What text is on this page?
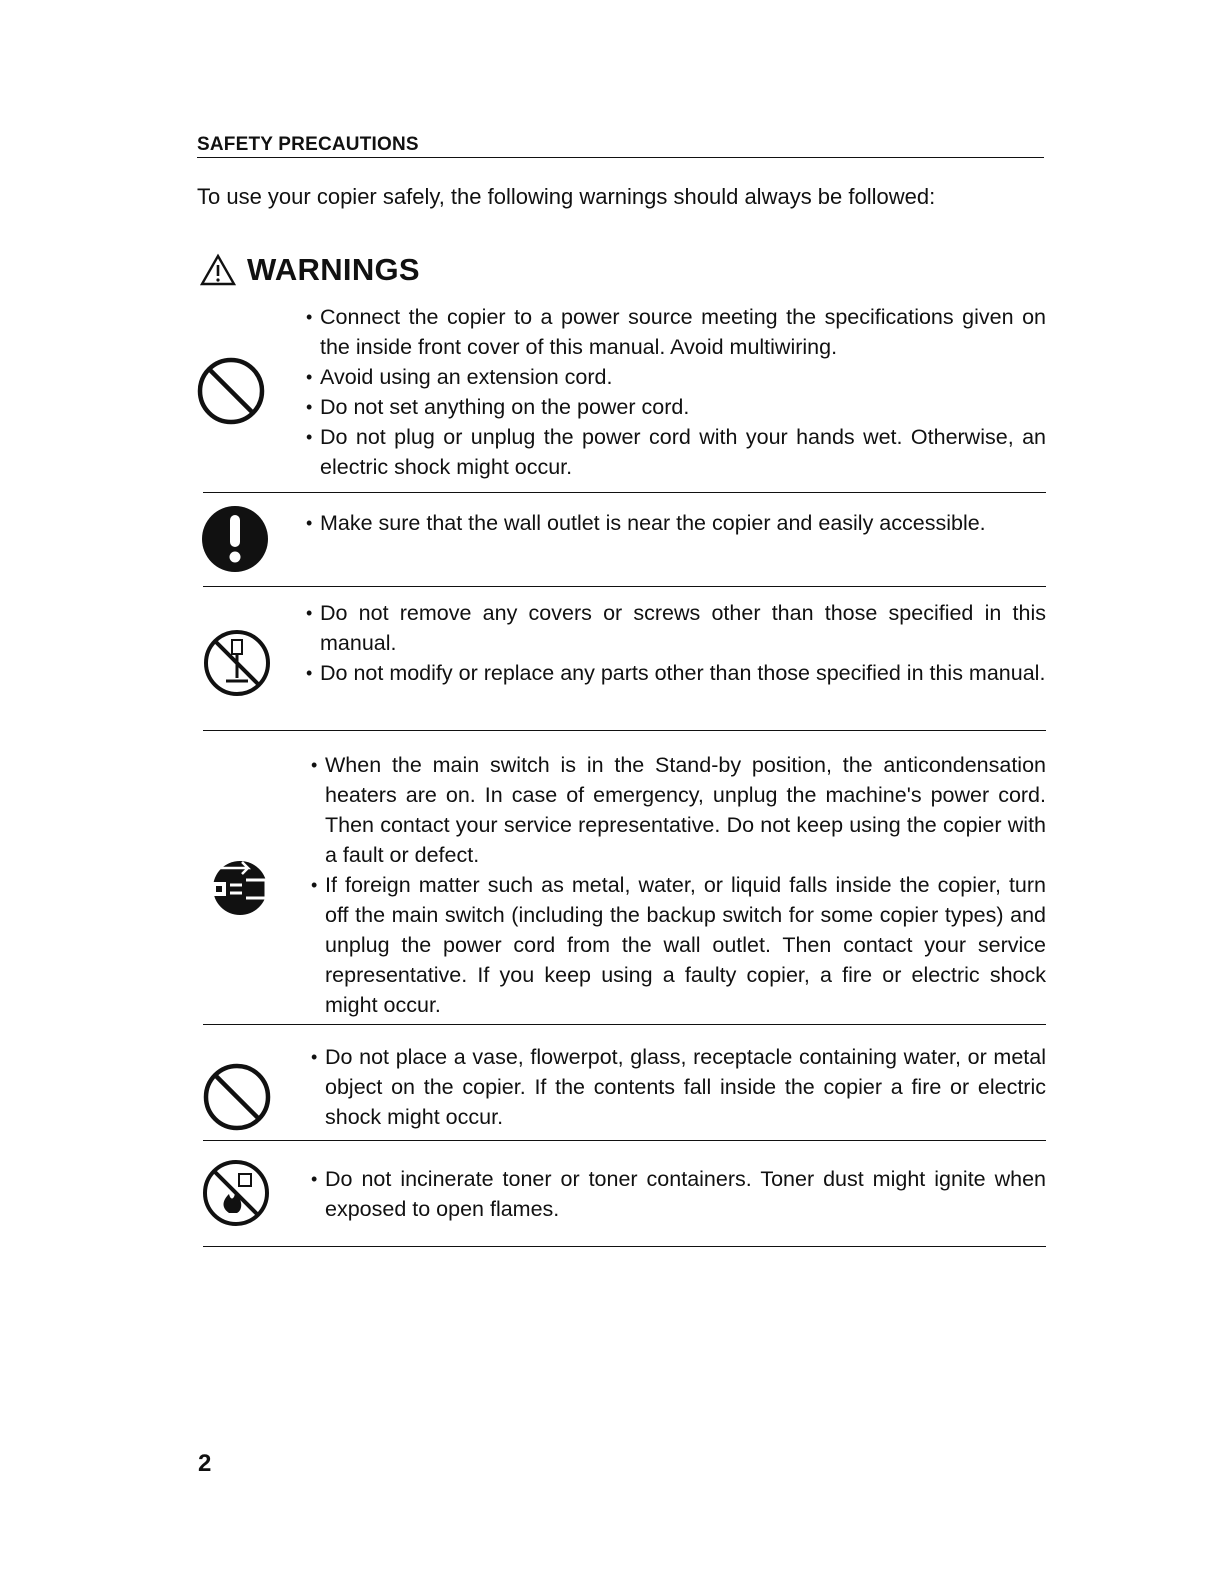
SAFETY PRECAUTIONS
To use your copier safely, the following warnings should always be followed:
WARNINGS
• Connect the copier to a power source meeting the specifications given on the inside front cover of this manual. Avoid multiwiring.
• Avoid using an extension cord.
• Do not set anything on the power cord.
• Do not plug or unplug the power cord with your hands wet. Otherwise, an electric shock might occur.
• Make sure that the wall outlet is near the copier and easily accessible.
• Do not remove any covers or screws other than those specified in this manual.
• Do not modify or replace any parts other than those specified in this manual.
• When the main switch is in the Stand-by position, the anticondensation heaters are on. In case of emergency, unplug the machine's power cord. Then contact your service representative. Do not keep using the copier with a fault or defect.
• If foreign matter such as metal, water, or liquid falls inside the copier, turn off the main switch (including the backup switch for some copier types) and unplug the power cord from the wall outlet. Then contact your service representative. If you keep using a faulty copier, a fire or electric shock might occur.
• Do not place a vase, flowerpot, glass, receptacle containing water, or metal object on the copier. If the contents fall inside the copier a fire or electric shock might occur.
• Do not incinerate toner or toner containers. Toner dust might ignite when exposed to open flames.
2
